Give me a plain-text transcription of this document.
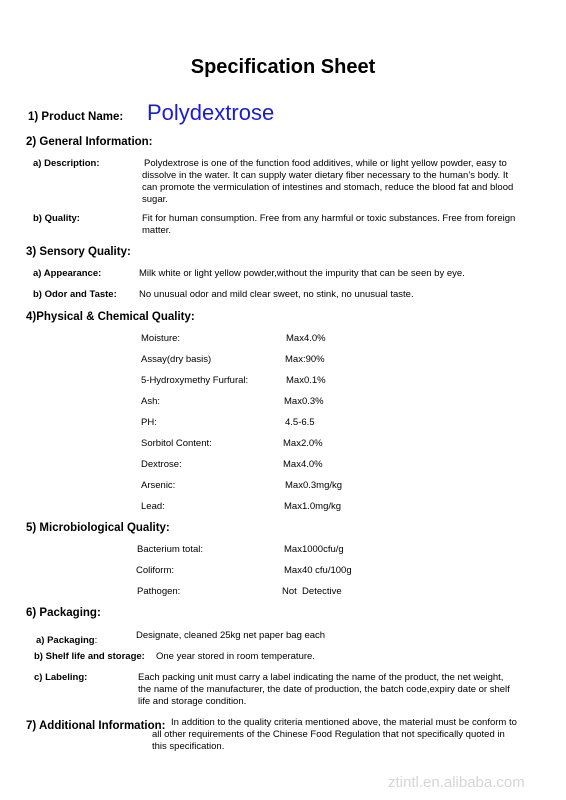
Specification Sheet
1) Product Name: Polydextrose
2) General Information:
a) Description:	Polydextrose is one of the function food additives, while or light yellow powder, easy to
dissolve in the water. It can supply water dietary fiber necessary to the human’s body. It
can promote the vermiculation of intestines and stomach, reduce the blood fat and blood
sugar.
b) Quality:	Fit for human consumption. Free from any harmful or toxic substances. Free from foreign
matter.
3) Sensory Quality:
a) Appearance:	Milk white or light yellow powder,without the impurity that can be seen by eye.
b) Odor and Taste: No unusual odor and mild clear sweet, no stink, no unusual taste.
4)Physical & Chemical Quality:
Moisture:	Max4.0%
Assay(dry basis)	Max:90%
5-Hydroxymethy Furfural:	Max0.1%
Ash:	Max0.3%
PH:	4.5-6.5
Sorbitol Content:	Max2.0%
Dextrose:	Max4.0%
Arsenic:	Max0.3mg/kg
Lead:	Max1.0mg/kg
5) Microbiological Quality:
Bacterium total:	Max1000cfu/g
Coliform:	Max40 cfu/100g
Pathogen:	Not  Detective
6) Packaging:
a) Packaging:	Designate, cleaned 25kg net paper bag each
b) Shelf life and storage: One year stored in room temperature.
c) Labeling:	Each packing unit must carry a label indicating the name of the product, the net weight,
the name of the manufacturer, the date of production, the batch code,expiry date or shelf
life and storage condition.
7) Additional Information: In addition to the quality criteria mentioned above, the material must be conform to
all other requirements of the Chinese Food Regulation that not specifically quoted in
this specification.
ztintl.en.alibaba.com
